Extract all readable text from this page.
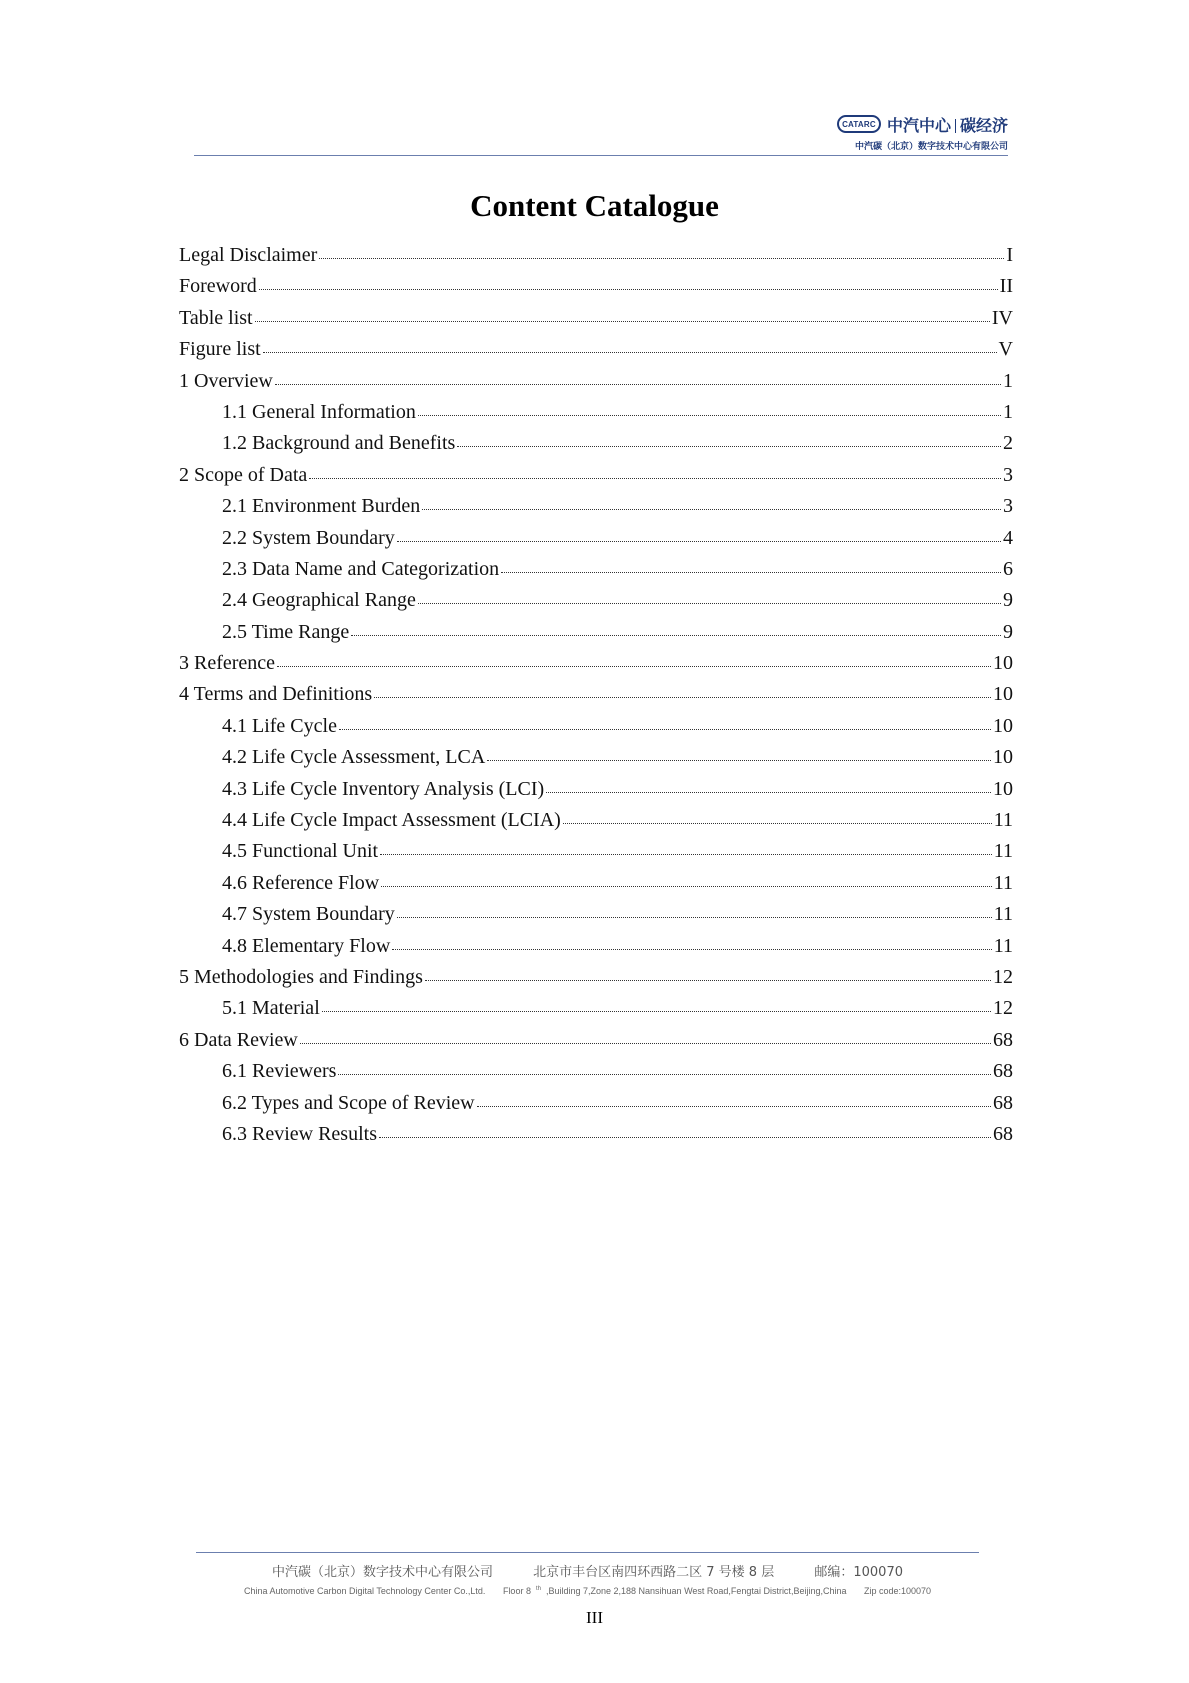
CATARC 中汽中心 碳经济
中汽碳（北京）数字技术中心有限公司
Content Catalogue
Legal Disclaimer	I
Foreword	II
Table list	IV
Figure list	V
1 Overview	1
1.1 General Information	1
1.2 Background and Benefits	2
2 Scope of Data	3
2.1 Environment Burden	3
2.2 System Boundary	4
2.3 Data Name and Categorization	6
2.4 Geographical Range	9
2.5 Time Range	9
3 Reference	10
4 Terms and Definitions	10
4.1 Life Cycle	10
4.2 Life Cycle Assessment, LCA	10
4.3 Life Cycle Inventory Analysis (LCI)	10
4.4 Life Cycle Impact Assessment (LCIA)	11
4.5 Functional Unit	11
4.6 Reference Flow	11
4.7 System Boundary	11
4.8 Elementary Flow	11
5 Methodologies and Findings	12
5.1 Material	12
6 Data Review	68
6.1 Reviewers	68
6.2 Types and Scope of Review	68
6.3 Review Results	68
中汽碳（北京）数字技术中心有限公司	北京市丰台区南四环西路二区 7 号楼 8 层	邮编：100070
China Automotive Carbon Digital Technology Center Co.,Ltd. Floor 8 $^{th}$ ,Building 7,Zone 2,188 Nansihuan West Road,Fengtai District,Beijing,China Zip code:100070
III
